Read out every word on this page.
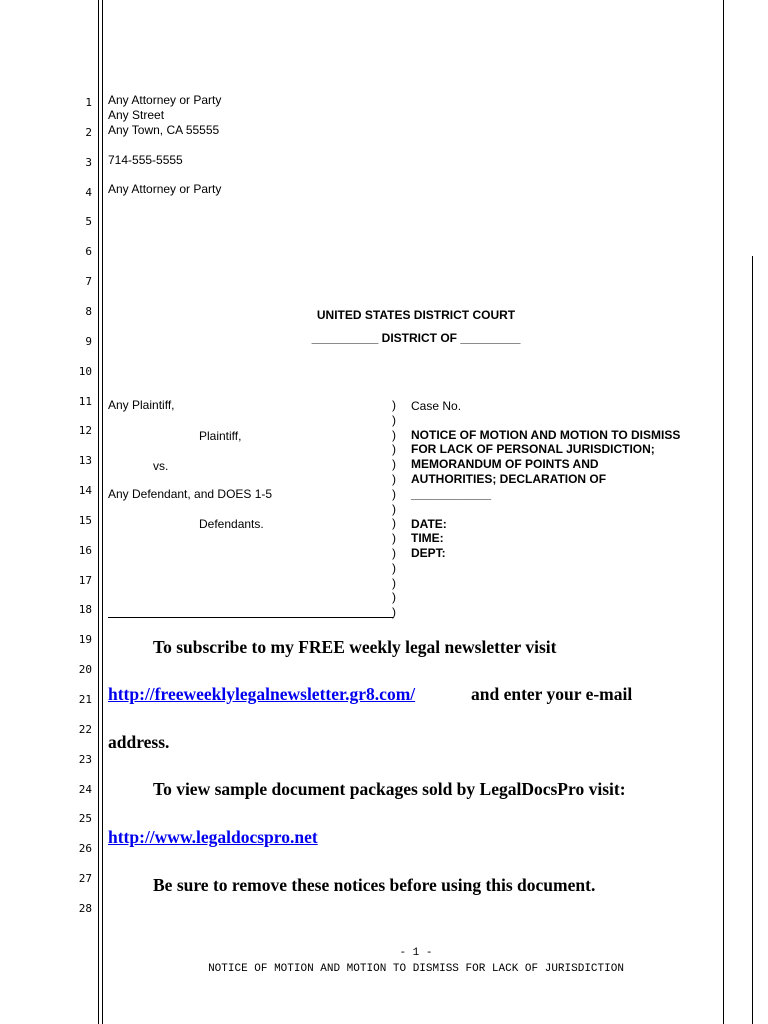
1
2
3
4
5
6
7
8
9
10
11
12
13
14
15
16
17
18
19
20
21
22
23
24
25
26
27
28
Any Attorney or Party
Any Street
Any Town, CA 55555
714-555-5555
Any Attorney or Party
UNITED STATES DISTRICT COURT
__________ DISTRICT OF _________
Any Plaintiff,
Plaintiff,
vs.
Any Defendant, and DOES 1-5
Defendants.
)
)
)
)
)
)
)
)
)
)
)
)
)
)
)
Case No.
NOTICE OF MOTION AND MOTION TO DISMISS
FOR LACK OF PERSONAL JURISDICTION;
MEMORANDUM OF POINTS AND
AUTHORITIES; DECLARATION OF
____________
DATE:
TIME:
DEPT:
To subscribe to my FREE weekly legal newsletter visit
http://freeweeklylegalnewsletter.gr8.com/	and enter your e-mail
address.
To view sample document packages sold by LegalDocsPro visit:
http://www.legaldocspro.net
Be sure to remove these notices before using this document.
- 1 -
NOTICE OF MOTION AND MOTION TO DISMISS FOR LACK OF JURISDICTION
